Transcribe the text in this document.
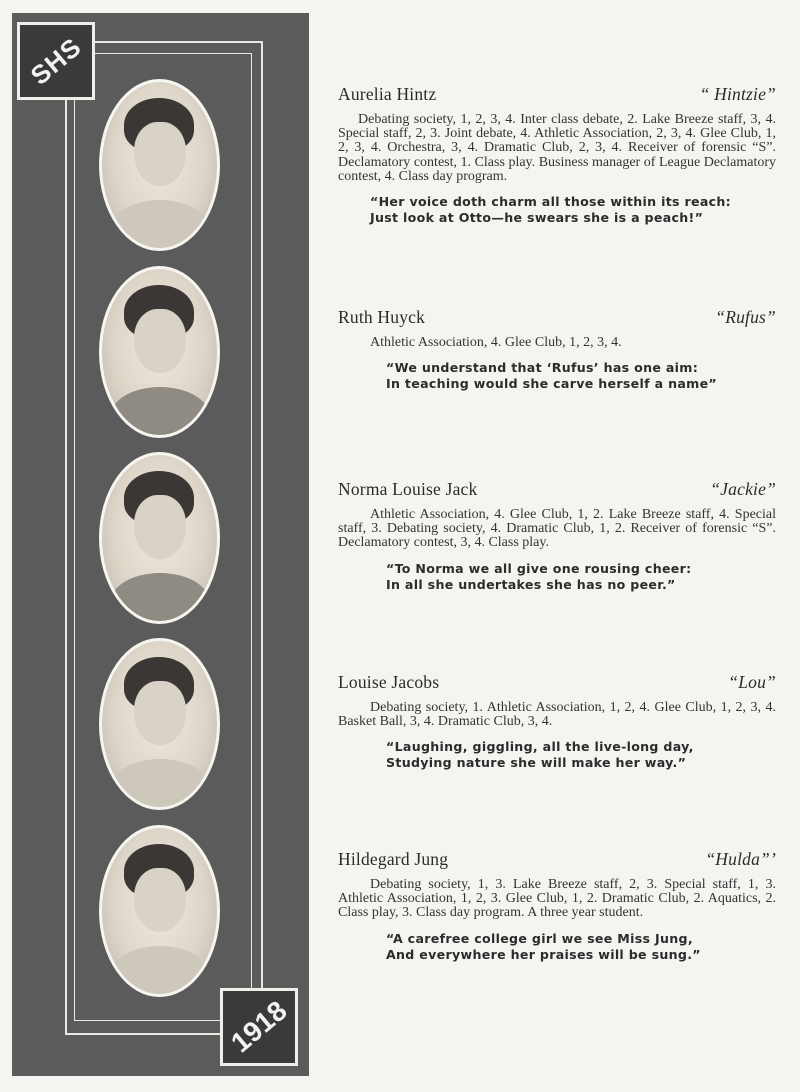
SHS
1918
Aurelia Hintz	“ Hintzie”

Debating society, 1, 2, 3, 4. Inter class debate, 2. Lake Breeze staff, 3, 4. Special staff, 2, 3. Joint debate, 4. Athletic Association, 2, 3, 4. Glee Club, 1, 2, 3, 4. Orchestra, 3, 4. Dramatic Club, 2, 3, 4. Receiver of forensic “S”. Declamatory contest, 1. Class play. Business manager of League Declamatory contest, 4. Class day program.

“Her voice doth charm all those within its reach:
Just look at Otto—he swears she is a peach!”
Ruth Huyck	“Rufus”

Athletic Association, 4. Glee Club, 1, 2, 3, 4.

“We understand that ‘Rufus’ has one aim:
In teaching would she carve herself a name”
Norma Louise Jack	“Jackie”

Athletic Association, 4. Glee Club, 1, 2. Lake Breeze staff, 4. Special staff, 3. Debating society, 4. Dramatic Club, 1, 2. Receiver of forensic “S”. Declamatory contest, 3, 4. Class play.

“To Norma we all give one rousing cheer:
In all she undertakes she has no peer.”
Louise Jacobs	“Lou”

Debating society, 1. Athletic Association, 1, 2, 4. Glee Club, 1, 2, 3, 4. Basket Ball, 3, 4. Dramatic Club, 3, 4.

“Laughing, giggling, all the live-long day,
Studying nature she will make her way.”
Hildegard Jung	“Hulda”’

Debating society, 1, 3. Lake Breeze staff, 2, 3. Special staff, 1, 3. Athletic Association, 1, 2, 3. Glee Club, 1, 2. Dramatic Club, 2. Aquatics, 2. Class play, 3. Class day program. A three year student.

“A carefree college girl we see Miss Jung,
And everywhere her praises will be sung.”
